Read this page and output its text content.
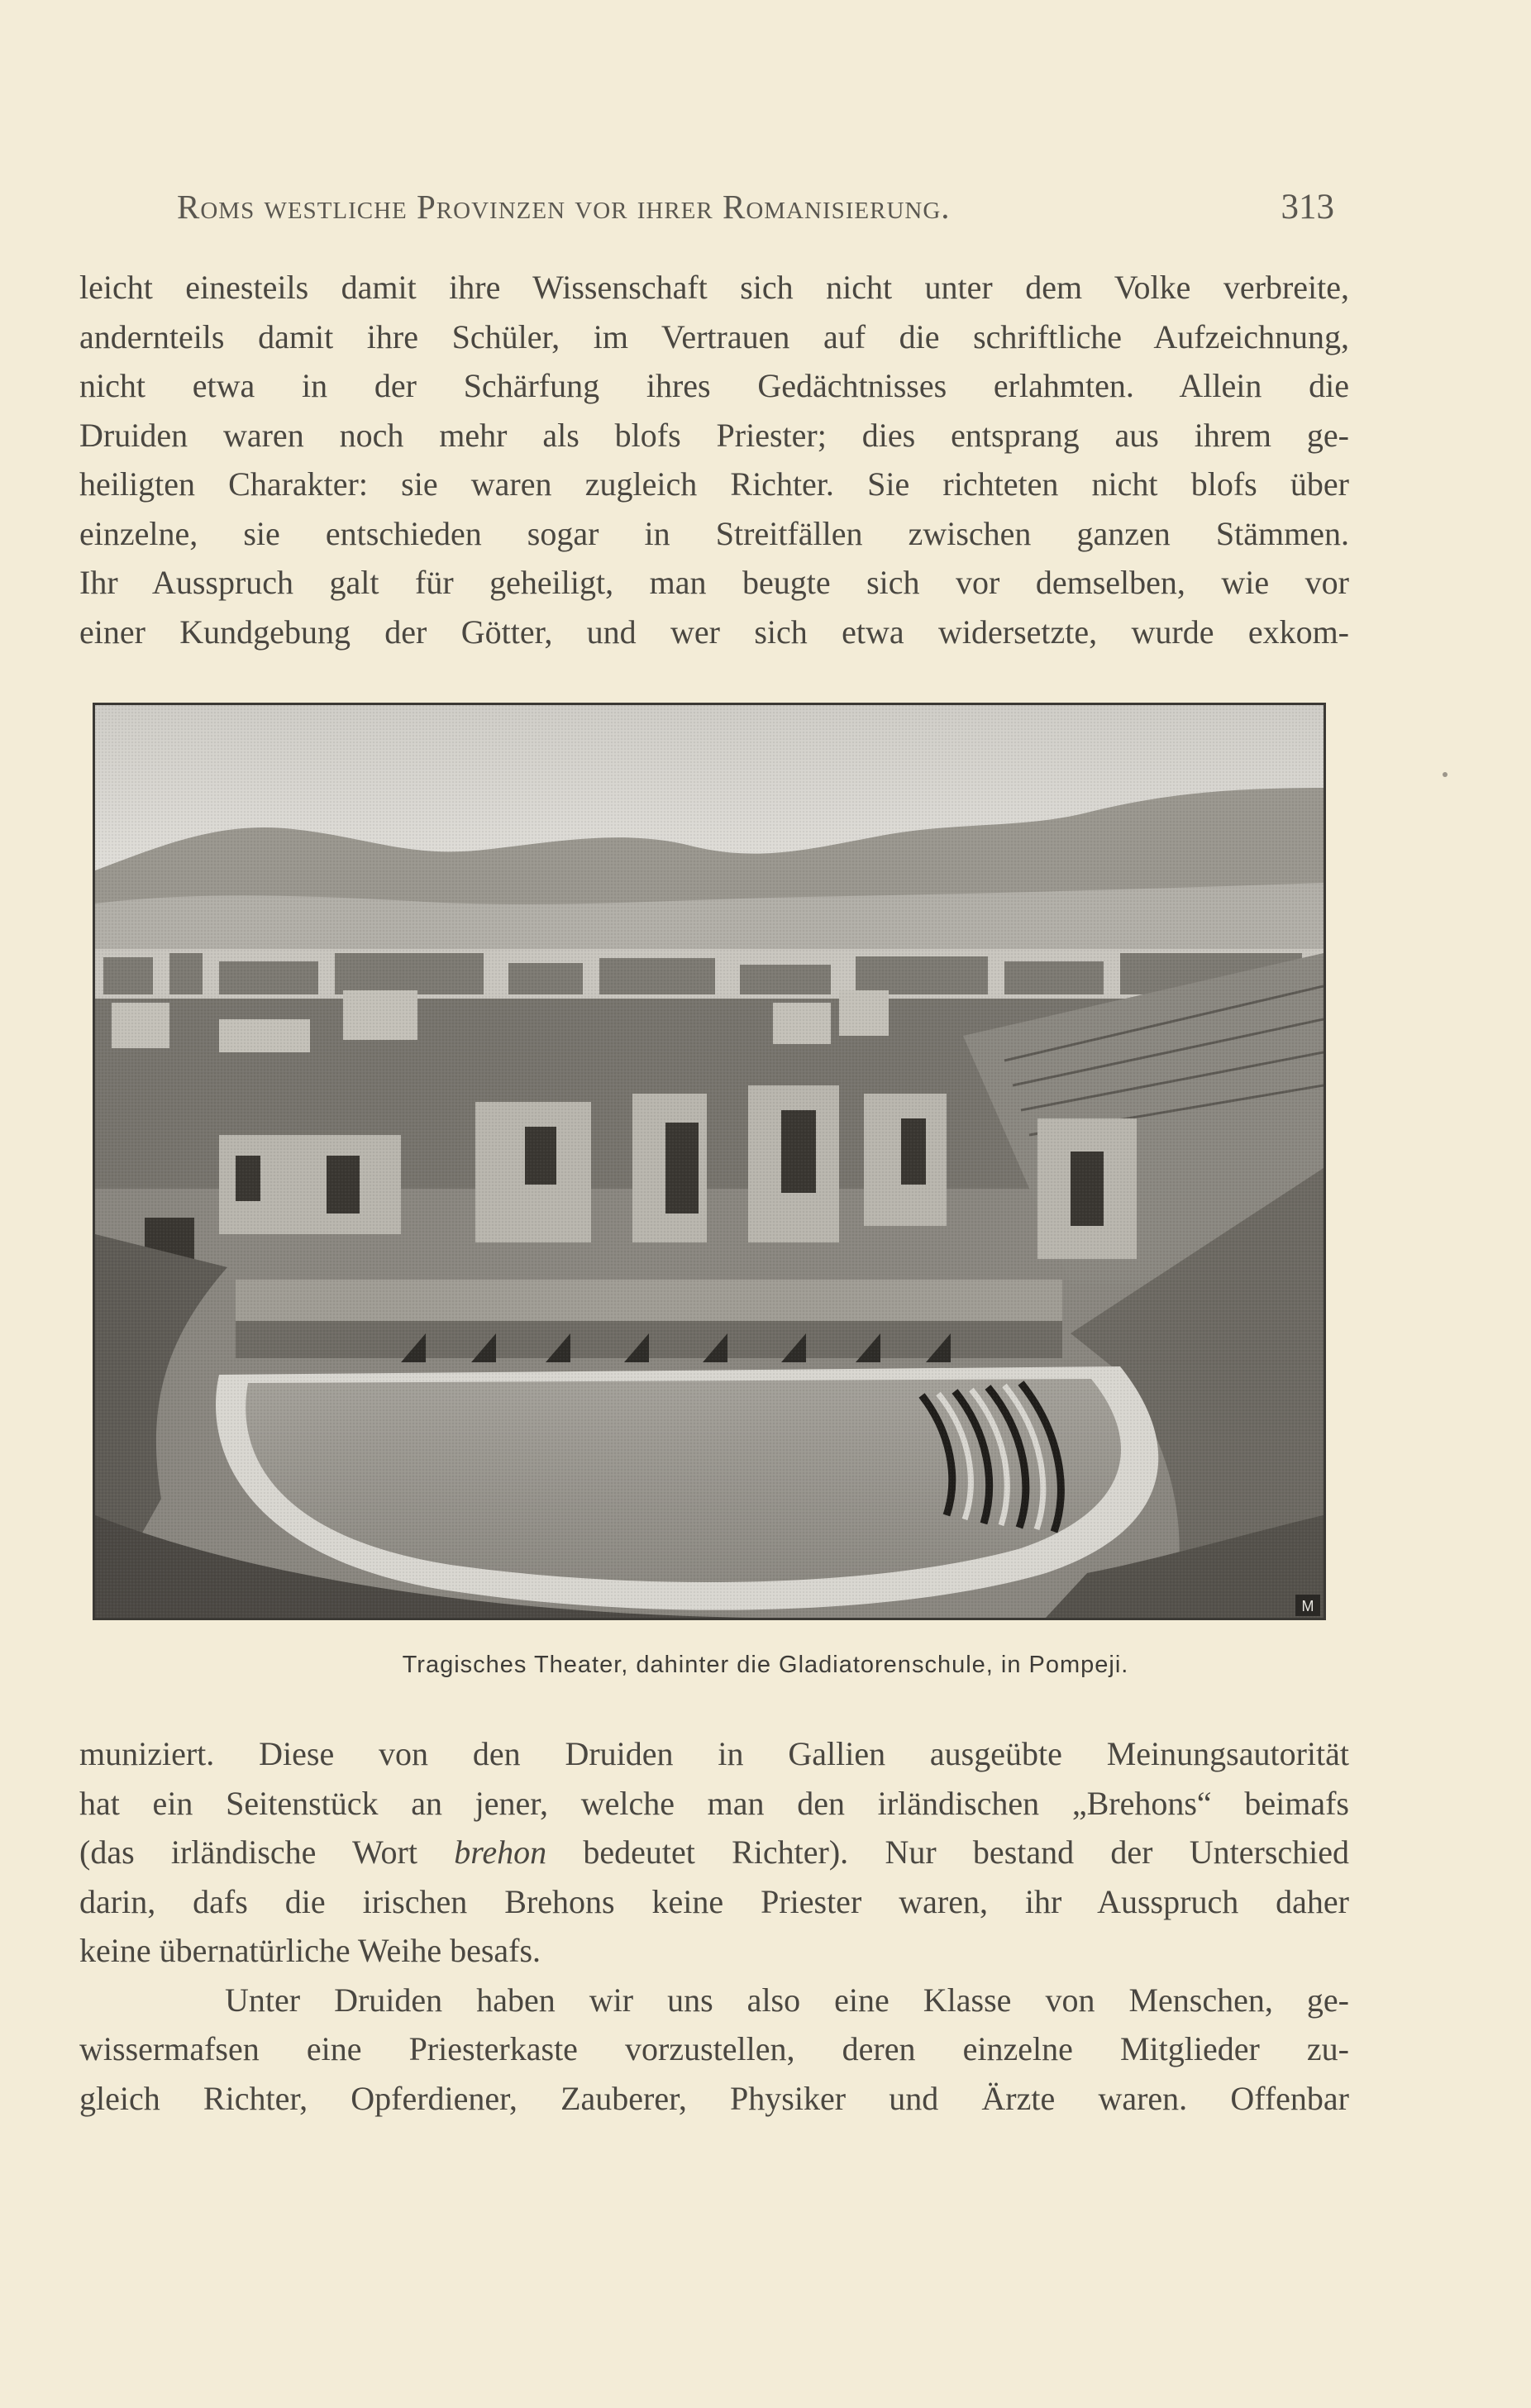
Roms westliche Provinzen vor ihrer Romanisierung.	313
leicht einesteils damit ihre Wissenschaft sich nicht unter dem Volke verbreite,
andernteils damit ihre Schüler, im Vertrauen auf die schriftliche Aufzeichnung,
nicht etwa in der Schärfung ihres Gedächtnisses erlahmten. Allein die
Druiden waren noch mehr als blofs Priester; dies entsprang aus ihrem ge-
heiligten Charakter: sie waren zugleich Richter. Sie richteten nicht blofs über
einzelne, sie entschieden sogar in Streitfällen zwischen ganzen Stämmen.
Ihr Ausspruch galt für geheiligt, man beugte sich vor demselben, wie vor
einer Kundgebung der Götter, und wer sich etwa widersetzte, wurde exkom-
M
Tragisches Theater, dahinter die Gladiatorenschule, in Pompeji.
muniziert. Diese von den Druiden in Gallien ausgeübte Meinungsautorität
hat ein Seitenstück an jener, welche man den irländischen „Brehons“ beimafs
(das irländische Wort brehon bedeutet Richter). Nur bestand der Unterschied
darin, dafs die irischen Brehons keine Priester waren, ihr Ausspruch daher
keine übernatürliche Weihe besafs.
Unter Druiden haben wir uns also eine Klasse von Menschen, ge-
wissermafsen eine Priesterkaste vorzustellen, deren einzelne Mitglieder zu-
gleich Richter, Opferdiener, Zauberer, Physiker und Ärzte waren. Offenbar
